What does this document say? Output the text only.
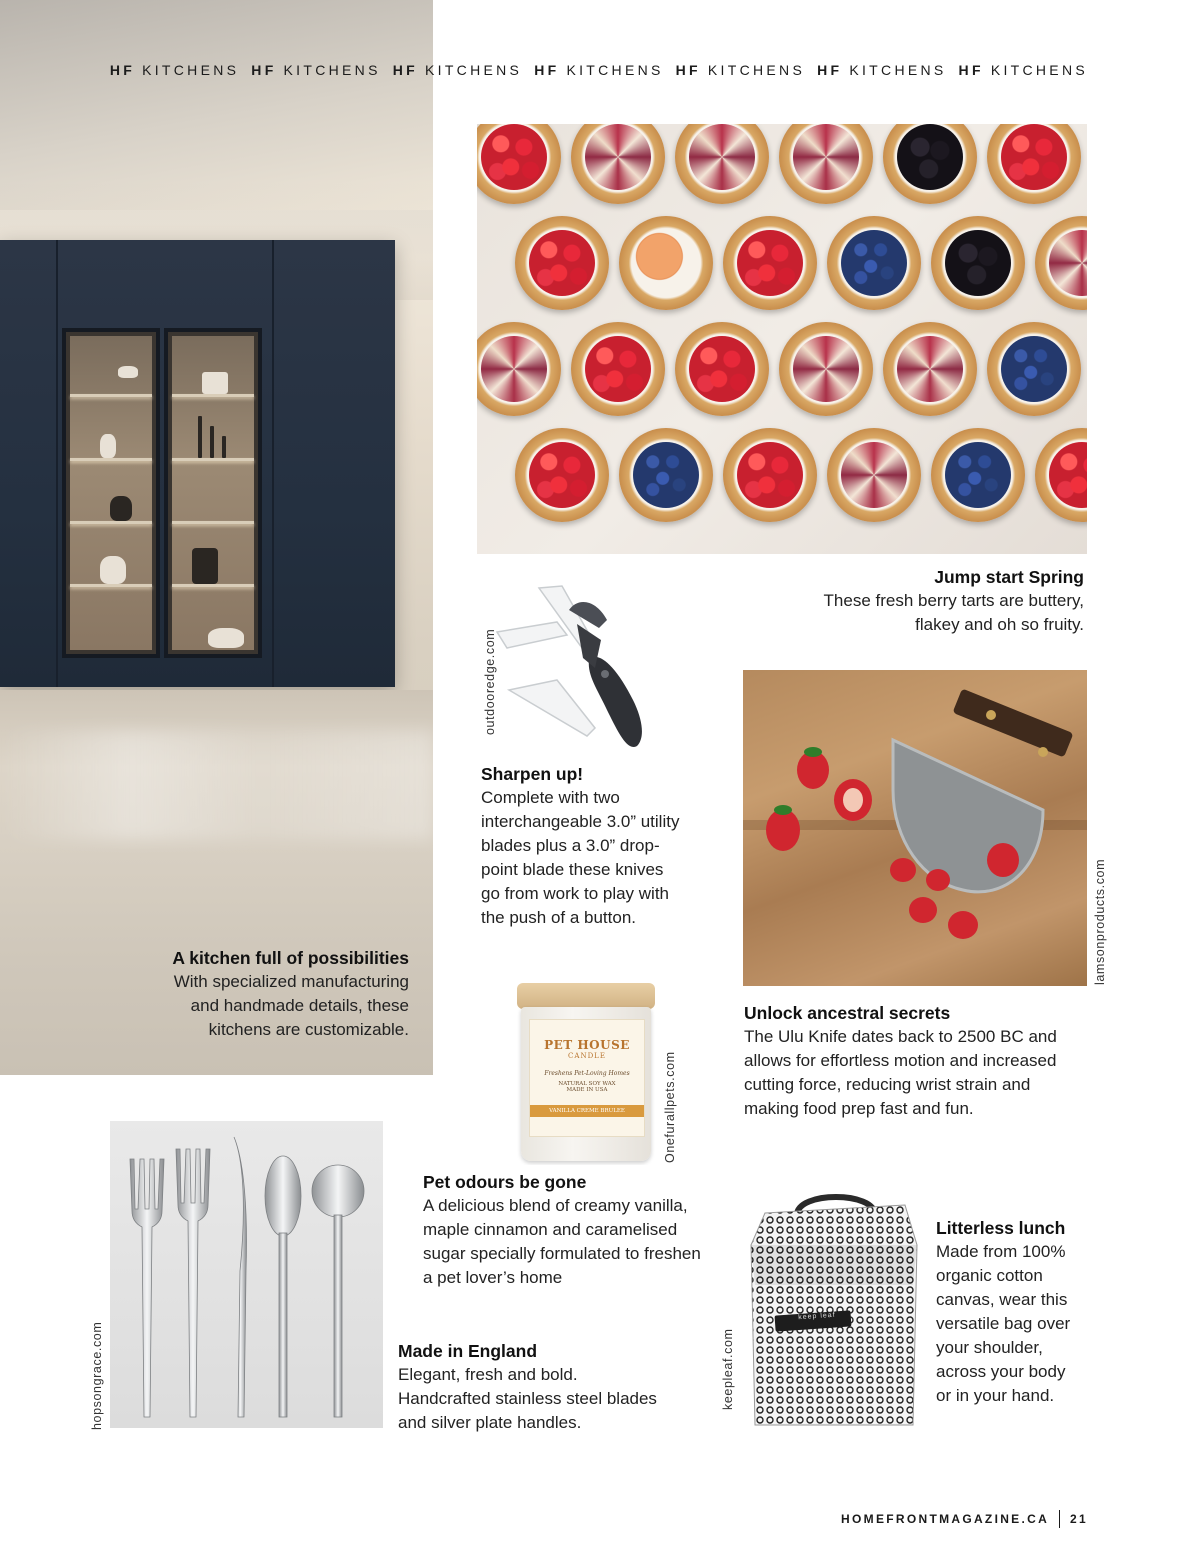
HF KITCHENS HF KITCHENS HF KITCHENS HF KITCHENS HF KITCHENS HF KITCHENS HF KITCHENS
Jump start Spring
These fresh berry tarts are buttery,
flakey and oh so fruity.
outdooredge.com
Sharpen up!
Complete with two
interchangeable 3.0” utility
blades plus a 3.0” drop-
point blade these knives
go from work to play with
the push of a button.	lamsonproducts.com
Unlock ancestral secrets
The Ulu Knife dates back to 2500 BC and
allows for effortless motion and increased
cutting force, reducing wrist strain and
making food prep fast and fun.
A kitchen full of possibilities
With specialized manufacturing
and handmade details, these
kitchens are customizable.
PET HOUSE
CANDLE
Freshens Pet-Loving Homes
NATURAL SOY WAX
MADE IN USA
VANILLA CREME BRULEE	Onefurallpets.com
Pet odours be gone
A delicious blend of creamy vanilla,
maple cinnamon and caramelised
sugar specially formulated to freshen
a pet lover’s home
hopsongrace.com	Made in England
Elegant, fresh and bold.
Handcrafted stainless steel blades
and silver plate handles.
keep leaf
keepleaf.com
Litterless lunch
Made from 100%
organic cotton
canvas, wear this
versatile bag over
your shoulder,
across your body
or in your hand.
HOMEFRONTMAGAZINE.CA 21
